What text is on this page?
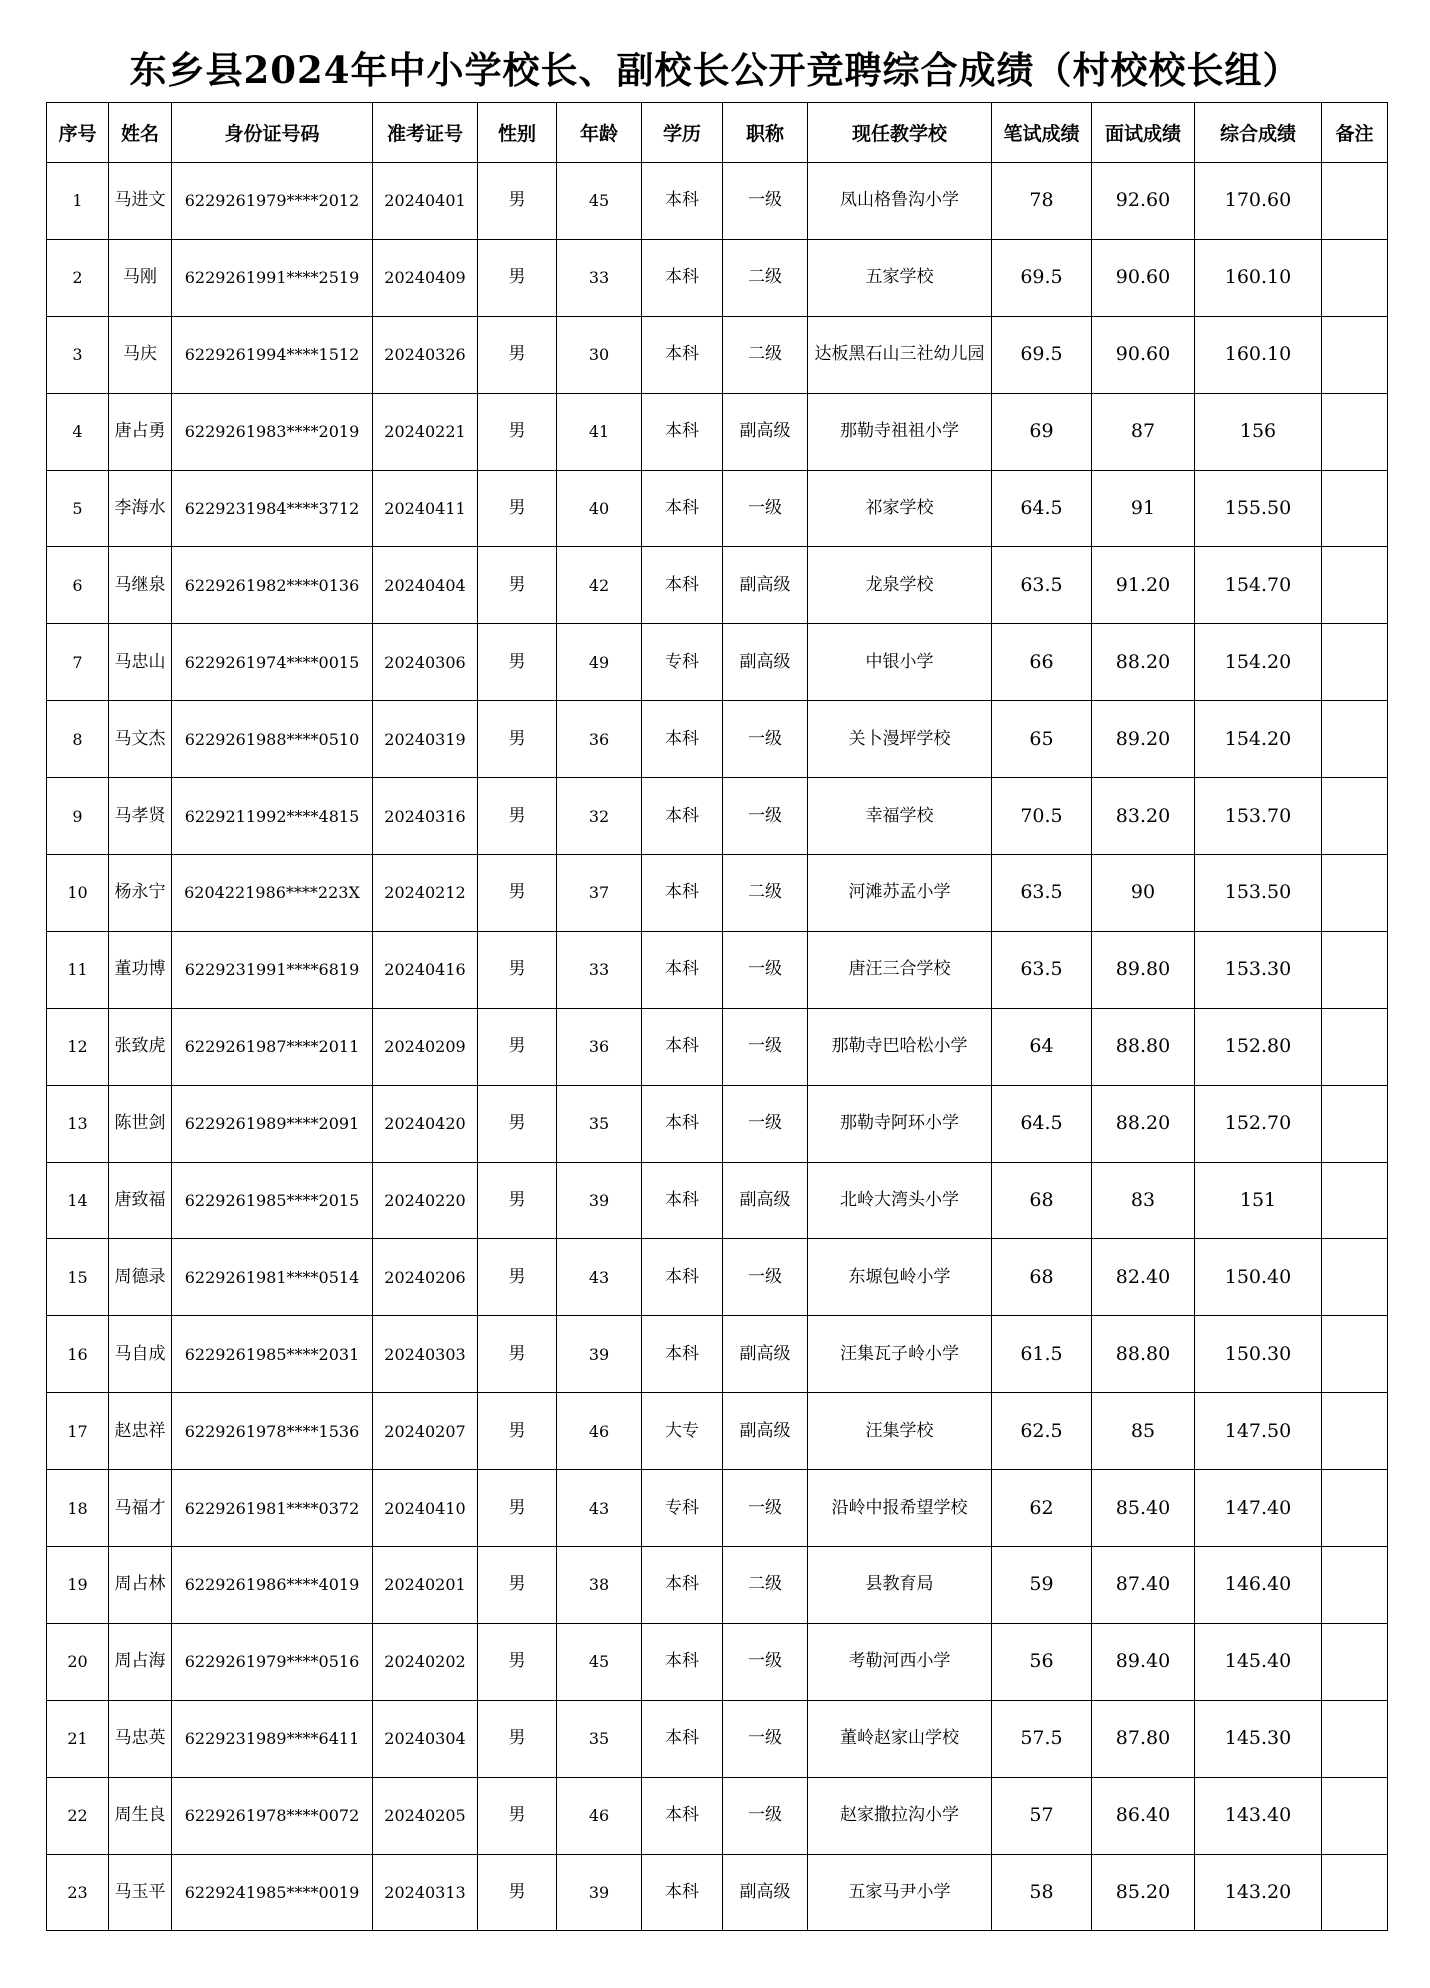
东乡县2024年中小学校长、副校长公开竞聘综合成绩（村校校长组）
序号	姓名	身份证号码	准考证号	性别	年龄	学历	职称	现任教学校	笔试成绩	面试成绩	综合成绩	备注
1	马进文	6229261979****2012	20240401	男	45	本科	一级	凤山格鲁沟小学	78	92.60	170.60	
2	马刚	6229261991****2519	20240409	男	33	本科	二级	五家学校	69.5	90.60	160.10	
3	马庆	6229261994****1512	20240326	男	30	本科	二级	达板黑石山三社幼儿园	69.5	90.60	160.10	
4	唐占勇	6229261983****2019	20240221	男	41	本科	副高级	那勒寺祖祖小学	69	87	156	
5	李海水	6229231984****3712	20240411	男	40	本科	一级	祁家学校	64.5	91	155.50	
6	马继泉	6229261982****0136	20240404	男	42	本科	副高级	龙泉学校	63.5	91.20	154.70	
7	马忠山	6229261974****0015	20240306	男	49	专科	副高级	中银小学	66	88.20	154.20	
8	马文杰	6229261988****0510	20240319	男	36	本科	一级	关卜漫坪学校	65	89.20	154.20	
9	马孝贤	6229211992****4815	20240316	男	32	本科	一级	幸福学校	70.5	83.20	153.70	
10	杨永宁	6204221986****223X	20240212	男	37	本科	二级	河滩苏孟小学	63.5	90	153.50	
11	董功博	6229231991****6819	20240416	男	33	本科	一级	唐汪三合学校	63.5	89.80	153.30	
12	张致虎	6229261987****2011	20240209	男	36	本科	一级	那勒寺巴哈松小学	64	88.80	152.80	
13	陈世剑	6229261989****2091	20240420	男	35	本科	一级	那勒寺阿环小学	64.5	88.20	152.70	
14	唐致福	6229261985****2015	20240220	男	39	本科	副高级	北岭大湾头小学	68	83	151	
15	周德录	6229261981****0514	20240206	男	43	本科	一级	东塬包岭小学	68	82.40	150.40	
16	马自成	6229261985****2031	20240303	男	39	本科	副高级	汪集瓦子岭小学	61.5	88.80	150.30	
17	赵忠祥	6229261978****1536	20240207	男	46	大专	副高级	汪集学校	62.5	85	147.50	
18	马福才	6229261981****0372	20240410	男	43	专科	一级	沿岭中报希望学校	62	85.40	147.40	
19	周占林	6229261986****4019	20240201	男	38	本科	二级	县教育局	59	87.40	146.40	
20	周占海	6229261979****0516	20240202	男	45	本科	一级	考勒河西小学	56	89.40	145.40	
21	马忠英	6229231989****6411	20240304	男	35	本科	一级	董岭赵家山学校	57.5	87.80	145.30	
22	周生良	6229261978****0072	20240205	男	46	本科	一级	赵家撒拉沟小学	57	86.40	143.40	
23	马玉平	6229241985****0019	20240313	男	39	本科	副高级	五家马尹小学	58	85.20	143.20	
